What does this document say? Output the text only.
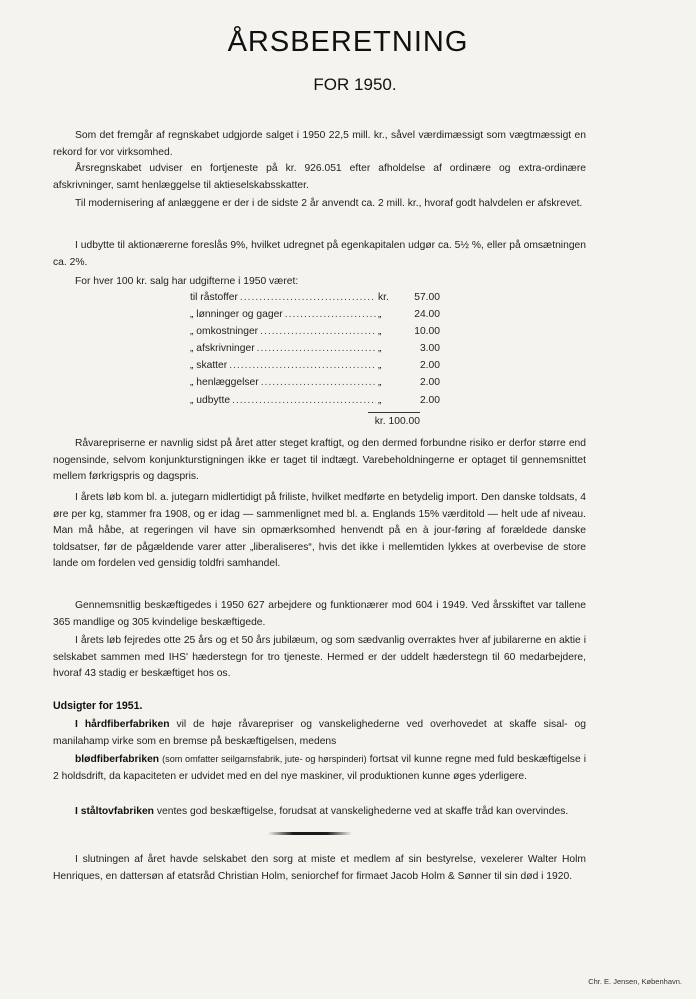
ÅRSBERETNING
FOR 1950.
Som det fremgår af regnskabet udgjorde salget i 1950 22,5 mill. kr., såvel værdimæssigt som vægtmæssigt en rekord for vor virksomhed.
Årsregnskabet udviser en fortjeneste på kr. 926.051 efter afholdelse af ordinære og extra-ordinære afskrivninger, samt henlæggelse til aktieselskabsskatter.
Til modernisering af anlæggene er der i de sidste 2 år anvendt ca. 2 mill. kr., hvoraf godt halvdelen er afskrevet.
I udbytte til aktionærerne foreslås 9%, hvilket udregnet på egenkapitalen udgør ca. 5½ %, eller på omsætningen ca. 2%.
For hver 100 kr. salg har udgifterne i 1950 været:
til råstoffer .....	kr.	57.00
„ lønninger og gager .....	„	24.00
„ omkostninger .....	„	10.00
„ afskrivninger .....	„	3.00
„ skatter .....	„	2.00
„ henlæggelser .....	„	2.00
„ udbytte .....	„	2.00
kr. 100.00
Råvarepriserne er navnlig sidst på året atter steget kraftigt, og den dermed forbundne risiko er derfor større end nogensinde, selvom konjunkturstigningen ikke er taget til indtægt. Varebeholdningerne er optaget til gennemsnittet mellem førkrigspris og dagspris.
I årets løb kom bl. a. jutegarn midlertidigt på frilistе, hvilket medførte en betydelig import. Den danske toldsats, 4 øre per kg, stammer fra 1908, og er idag — sammenlignet med bl. a. Englands 15% værditold — helt ude af niveau. Man må håbe, at regeringen vil have sin opmærksomhed henvendt på en à jour-føring af forældede danske toldsatser, før de pågældende varer atter „liberaliseres“, hvis det ikke i mellemtiden lykkes at overbevise de store lande om fordelen ved gensidig toldfri samhandel.
Gennemsnitlig beskæftigedes i 1950 627 arbejdere og funktionærer mod 604 i 1949. Ved årsskiftet var tallene 365 mandlige og 305 kvindelige beskæftigede.
I årets løb fejredes otte 25 års og et 50 års jubilæum, og som sædvanlig overraktes hver af jubilarerne en aktie i selskabet sammen med IHS' hæderstegn for tro tjeneste. Hermed er der uddelt hæderstegn til 60 medarbejdere, hvoraf 43 stadig er beskæftiget hos os.
Udsigter for 1951.
I hårdfiberfabriken vil de høje råvarepriser og vanskelighederne ved overhovedet at skaffe sisal- og manilahamp virke som en bremse på beskæftigelsen, medens
blødfiberfabriken (som omfatter seilgarnsfabrik, jute- og hørspinderi) fortsat vil kunne regne med fuld beskæftigelse i 2 holdsdrift, da kapaciteten er udvidet med en del nye maskiner, vil produktionen kunne øges yderligere.
I ståltovfabriken ventes god beskæftigelse, forudsat at vanskelighederne ved at skaffe tråd kan overvindes.
I slutningen af året havde selskabet den sorg at miste et medlem af sin bestyrelse, vexelerer Walter Holm Henriques, en dattersøn af etatsråd Christian Holm, seniorchef for firmaet Jacob Holm & Sønner til sin død i 1920.
Chr. E. Jensen, København.
